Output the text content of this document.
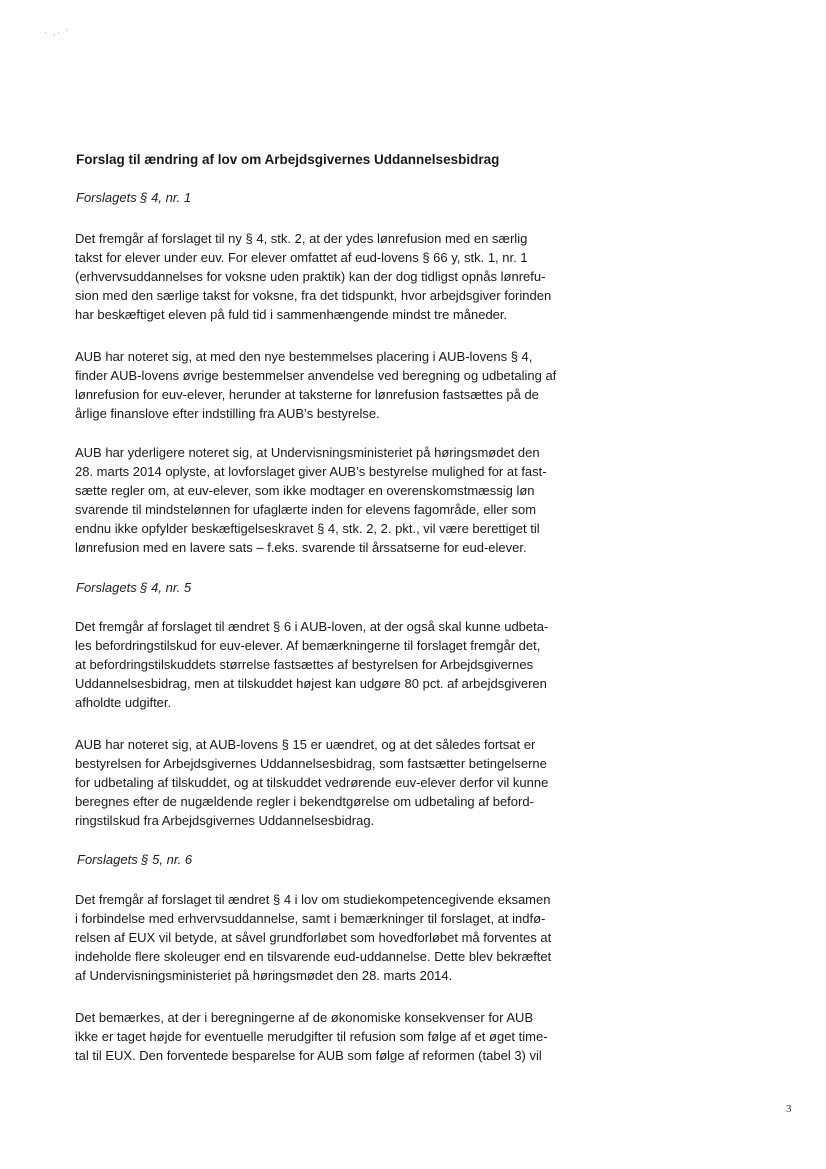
· ,· ′
Forslag til ændring af lov om Arbejdsgivernes Uddannelsesbidrag

Forslagets § 4, nr. 1

Det fremgår af forslaget til ny § 4, stk. 2, at der ydes lønrefusion med en særlig
takst for elever under euv. For elever omfattet af eud-lovens § 66 y, stk. 1, nr. 1
(erhvervsuddannelses for voksne uden praktik) kan der dog tidligst opnås lønrefu-
sion med den særlige takst for voksne, fra det tidspunkt, hvor arbejdsgiver forinden
har beskæftiget eleven på fuld tid i sammenhængende mindst tre måneder.
AUB har noteret sig, at med den nye bestemmelses placering i AUB-lovens § 4,
finder AUB-lovens øvrige bestemmelser anvendelse ved beregning og udbetaling af
lønrefusion for euv-elever, herunder at taksterne for lønrefusion fastsættes på de
årlige finanslove efter indstilling fra AUB’s bestyrelse.
AUB har yderligere noteret sig, at Undervisningsministeriet på høringsmødet den
28. marts 2014 oplyste, at lovforslaget giver AUB’s bestyrelse mulighed for at fast-
sætte regler om, at euv-elever, som ikke modtager en overenskomstmæssig løn
svarende til mindstelønnen for ufaglærte inden for elevens fagområde, eller som
endnu ikke opfylder beskæftigelseskravet § 4, stk. 2, 2. pkt., vil være berettiget til
lønrefusion med en lavere sats – f.eks. svarende til årssatserne for eud-elever.

Forslagets § 4, nr. 5

Det fremgår af forslaget til ændret § 6 i AUB-loven, at der også skal kunne udbeta-
les befordringstilskud for euv-elever. Af bemærkningerne til forslaget fremgår det,
at befordringstilskuddets størrelse fastsættes af bestyrelsen for Arbejdsgivernes
Uddannelsesbidrag, men at tilskuddet højest kan udgøre 80 pct. af arbejdsgiveren
afholdte udgifter.
AUB har noteret sig, at AUB-lovens § 15 er uændret, og at det således fortsat er
bestyrelsen for Arbejdsgivernes Uddannelsesbidrag, som fastsætter betingelserne
for udbetaling af tilskuddet, og at tilskuddet vedrørende euv-elever derfor vil kunne
beregnes efter de nugældende regler i bekendtgørelse om udbetaling af beford-
ringstilskud fra Arbejdsgivernes Uddannelsesbidrag.

Forslagets § 5, nr. 6

Det fremgår af forslaget til ændret § 4 i lov om studiekompetencegivende eksamen
i forbindelse med erhvervsuddannelse, samt i bemærkninger til forslaget, at indfø-
relsen af EUX vil betyde, at såvel grundforløbet som hovedforløbet må forventes at
indeholde flere skoleuger end en tilsvarende eud-uddannelse. Dette blev bekræftet
af Undervisningsministeriet på høringsmødet den 28. marts 2014.
Det bemærkes, at der i beregningerne af de økonomiske konsekvenser for AUB
ikke er taget højde for eventuelle merudgifter til refusion som følge af et øget time-
tal til EUX. Den forventede besparelse for AUB som følge af reformen (tabel 3) vil
3
